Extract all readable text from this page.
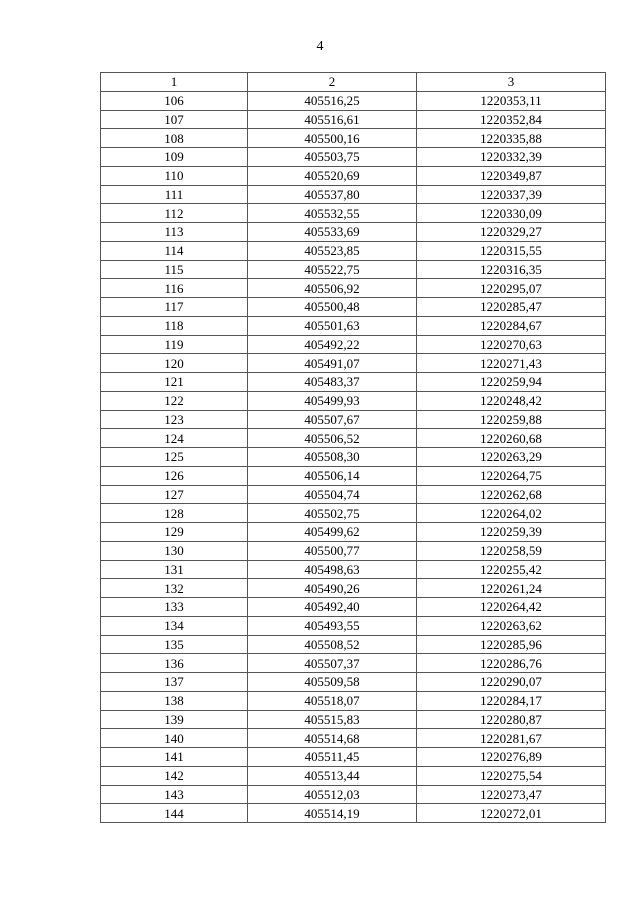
4
1	2	3
106	405516,25	1220353,11
107	405516,61	1220352,84
108	405500,16	1220335,88
109	405503,75	1220332,39
110	405520,69	1220349,87
111	405537,80	1220337,39
112	405532,55	1220330,09
113	405533,69	1220329,27
114	405523,85	1220315,55
115	405522,75	1220316,35
116	405506,92	1220295,07
117	405500,48	1220285,47
118	405501,63	1220284,67
119	405492,22	1220270,63
120	405491,07	1220271,43
121	405483,37	1220259,94
122	405499,93	1220248,42
123	405507,67	1220259,88
124	405506,52	1220260,68
125	405508,30	1220263,29
126	405506,14	1220264,75
127	405504,74	1220262,68
128	405502,75	1220264,02
129	405499,62	1220259,39
130	405500,77	1220258,59
131	405498,63	1220255,42
132	405490,26	1220261,24
133	405492,40	1220264,42
134	405493,55	1220263,62
135	405508,52	1220285,96
136	405507,37	1220286,76
137	405509,58	1220290,07
138	405518,07	1220284,17
139	405515,83	1220280,87
140	405514,68	1220281,67
141	405511,45	1220276,89
142	405513,44	1220275,54
143	405512,03	1220273,47
144	405514,19	1220272,01
